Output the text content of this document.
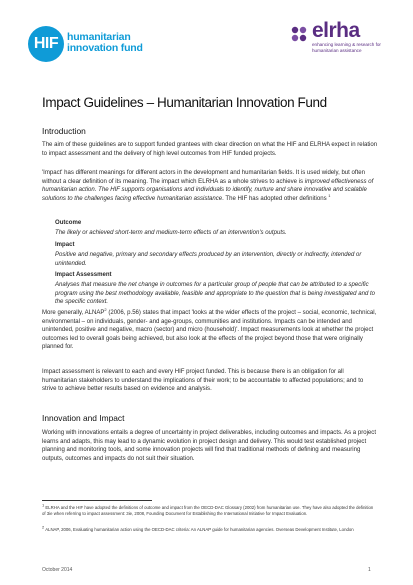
HIF humanitarian
innovation fund
elrha
enhancing learning & research for humanitarian assistance
Impact Guidelines – Humanitarian Innovation Fund
Introduction

The aim of these guidelines are to support funded grantees with clear direction on what the HIF and ELRHA expect in relation to impact assessment and the delivery of high level outcomes from HIF funded projects.

'Impact' has different meanings for different actors in the development and humanitarian fields. It is used widely, but often without a clear definition of its meaning. The impact which ELRHA as a whole strives to achieve is improved effectiveness of humanitarian action. The HIF supports organisations and individuals to identify, nurture and share innovative and scalable solutions to the challenges facing effective humanitarian assistance. The HIF has adopted other definitions $^1$

Outcome

The likely or achieved short-term and medium-term effects of an intervention's outputs.

Impact

Positive and negative, primary and secondary effects produced by an intervention, directly or indirectly, intended or unintended.

Impact Assessment

Analyses that measure the net change in outcomes for a particular group of people that can be attributed to a specific program using the best methodology available, feasible and appropriate to the question that is being investigated and to the specific context.

More generally, ALNAP$^2$ (2006, p.56) states that impact 'looks at the wider effects of the project – social, economic, technical, environmental – on individuals, gender- and age-groups, communities and institutions. Impacts can be intended and unintended, positive and negative, macro (sector) and micro (household)'. Impact measurements look at whether the project outcomes led to overall goals being achieved, but also look at the effects of the project beyond those that were originally planned for.

Impact assessment is relevant to each and every HIF project funded. This is because there is an obligation for all humanitarian stakeholders to understand the implications of their work; to be accountable to affected populations; and to strive to achieve better results based on evidence and analysis.

Innovation and Impact

Working with innovations entails a degree of uncertainty in project deliverables, including outcomes and impacts. As a project learns and adapts, this may lead to a dynamic evolution in project design and delivery. This would test established project planning and monitoring tools, and some innovation projects will find that traditional methods of defining and measuring outputs, outcomes and impacts do not suit their situation.

$^1$ ELRHA and the HIF have adopted the definitions of outcome and impact from the OECD-DAC Glossary (2002) from humanitarian use. They have also adopted the definition of 3ie when referring to impact assessment: 3ie, 2008, Founding Document for Establishing the International Initiative for Impact Evaluation.

$^2$ ALNAP, 2006, Evaluating humanitarian action using the OECD-DAC criteria: An ALNAP guide for humanitarian agencies. Overseas Development Institute, London

October 2014	1
